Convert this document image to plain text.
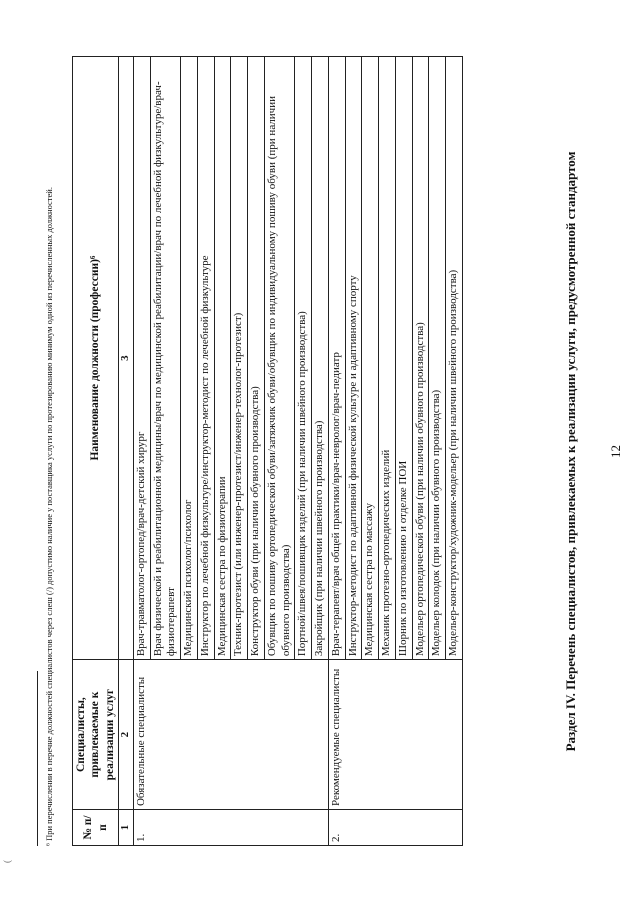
12
Раздел IV. Перечень специалистов, привлекаемых к реализации услуги, предусмотренной стандартом
№ п/п	Специалисты, привлекаемые к реализации услуг	Наименование должности (профессии)⁶
1	2	3
1.	Обязательные специалисты	Врач-травматолог-ортопед/врач-детский хирург
		Врач физической и реабилитационной медицины/врач по медицинской реабилитации/врач по лечебной физкультуре/врач-физиотерапевт
		Медицинский психолог/психолог
		Инструктор по лечебной физкультуре/инструктор-методист по лечебной физкультуре
		Медицинская сестра по физиотерапии
		Техник-протезист (или инженер-протезист/инженер-технолог-протезист)
		Конструктор обуви (при наличии обувного производства)
		Обувщик по пошиву ортопедической обуви/затяжчик обуви/обувщик по индивидуальному пошиву обуви (при наличии обувного производства)
		Портной/швея/пошивщик изделий (при наличии швейного производства)
		Закройщик (при наличии швейного производства)
2.	Рекомендуемые специалисты	Врач-терапевт/врач общей практики/врач-невролог/врач-педиатр
		Инструктор-методист по адаптивной физической культуре и адаптивному спорту
		Медицинская сестра по массажу
		Механик протезно-ортопедических изделий
		Шорник по изготовлению и отделке ПОИ
		Модельер ортопедической обуви (при наличии обувного производства)
		Модельер колодок (при наличии обувного производства)
		Модельер-конструктор/художник-модельер (при наличии швейного производства)
⁶ При перечислении в перечне должностей специалистов через слеш (/) допустимо наличие у поставщика услуги по протезированию минимум одной из перечисленных должностей.
(
